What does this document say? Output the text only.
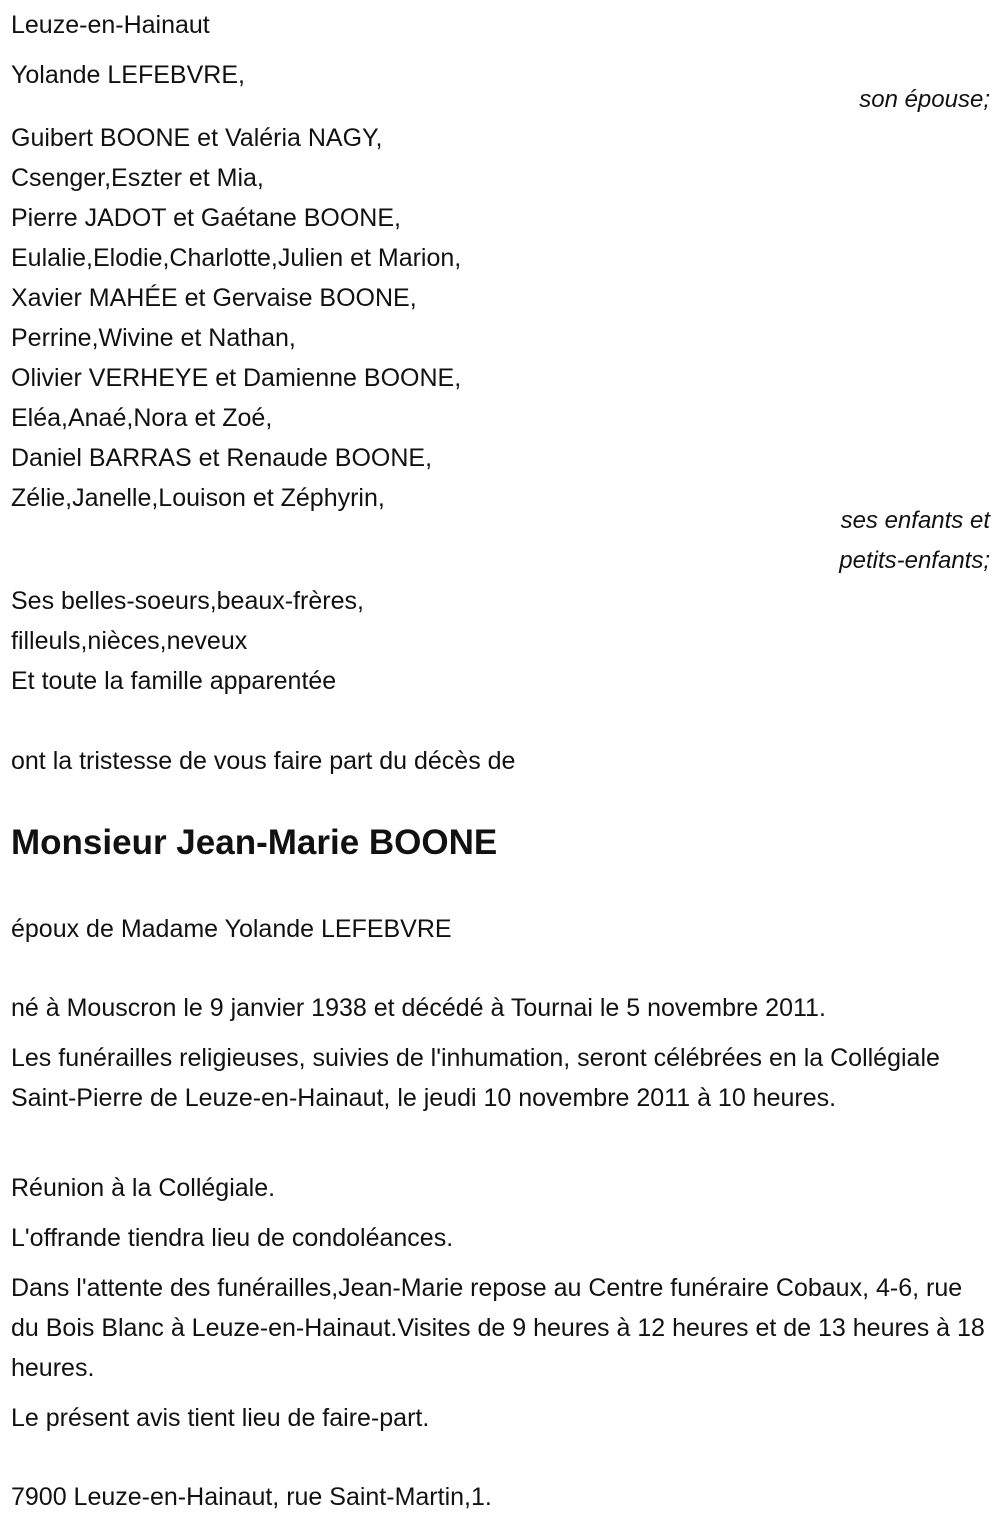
Leuze-en-Hainaut
Yolande LEFEBVRE,
son épouse;
Guibert BOONE et Valéria NAGY,
Csenger,Eszter et Mia,
Pierre JADOT et Gaétane BOONE,
Eulalie,Elodie,Charlotte,Julien et Marion,
Xavier MAHÉE et Gervaise BOONE,
Perrine,Wivine et Nathan,
Olivier VERHEYE et Damienne BOONE,
Eléa,Anaé,Nora et Zoé,
Daniel BARRAS et Renaude BOONE,
Zélie,Janelle,Louison et Zéphyrin,
ses enfants et
petits-enfants;
Ses belles-soeurs,beaux-frères,
filleuls,nièces,neveux
Et toute la famille apparentée
ont la tristesse de vous faire part du décès de
Monsieur Jean-Marie BOONE
époux de Madame Yolande LEFEBVRE
né à Mouscron le 9 janvier 1938 et décédé à Tournai le 5 novembre 2011.
Les funérailles religieuses, suivies de l'inhumation, seront célébrées en la Collégiale Saint-Pierre de Leuze-en-Hainaut, le jeudi 10 novembre 2011 à 10 heures.
Réunion à la Collégiale.
L'offrande tiendra lieu de condoléances.
Dans l'attente des funérailles,Jean-Marie repose au Centre funéraire Cobaux, 4-6, rue du Bois Blanc à Leuze-en-Hainaut.Visites de 9 heures à 12 heures et de 13 heures à 18 heures.
Le présent avis tient lieu de faire-part.
7900 Leuze-en-Hainaut, rue Saint-Martin,1.
